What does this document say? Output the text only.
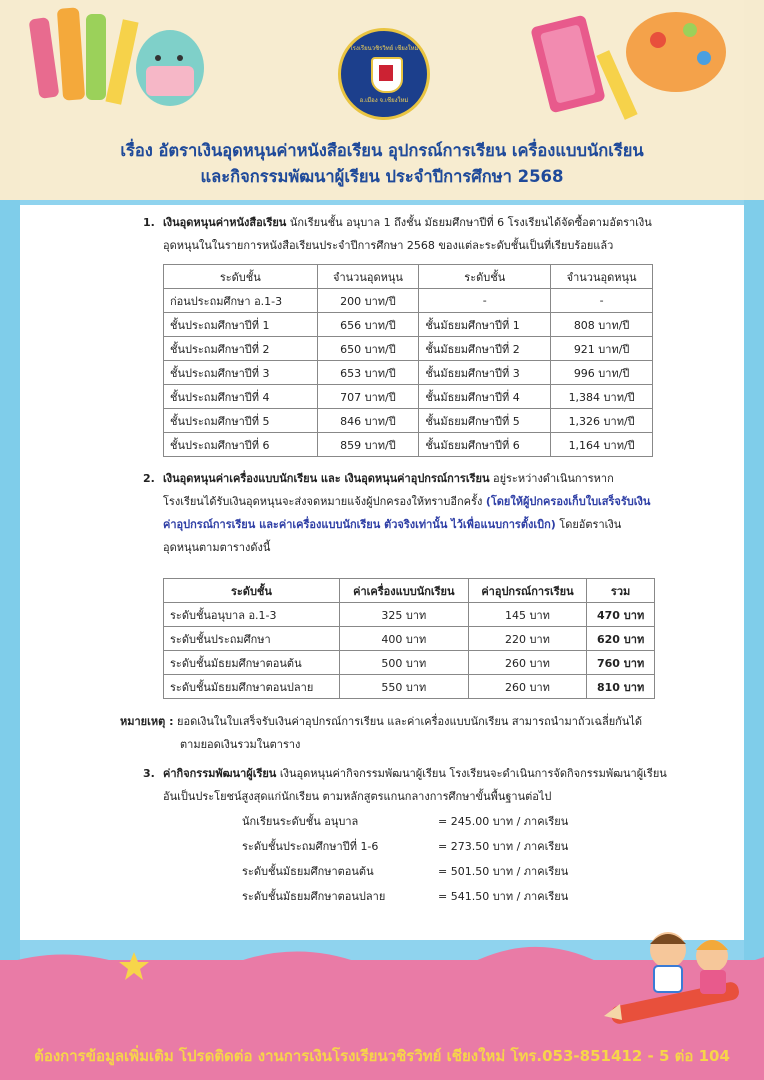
โรงเรียนวชิรวิทย์ เชียงใหม่
อ.เมือง จ.เชียงใหม่
เรื่อง อัตราเงินอุดหนุนค่าหนังสือเรียน อุปกรณ์การเรียน เครื่องแบบนักเรียน
และกิจกรรมพัฒนาผู้เรียน ประจำปีการศึกษา 2568
1. เงินอุดหนุนค่าหนังสือเรียน นักเรียนชั้น อนุบาล 1 ถึงชั้น มัธยมศึกษาปีที่ 6 โรงเรียนได้จัดซื้อตามอัตราเงิน
อุดหนุนในในรายการหนังสือเรียนประจำปีการศึกษา 2568 ของแต่ละระดับชั้นเป็นที่เรียบร้อยแล้ว
ระดับชั้น	จำนวนอุดหนุน	ระดับชั้น	จำนวนอุดหนุน
ก่อนประถมศึกษา อ.1-3	200 บาท/ปี	-	-
ชั้นประถมศึกษาปีที่ 1	656 บาท/ปี	ชั้นมัธยมศึกษาปีที่ 1	808 บาท/ปี
ชั้นประถมศึกษาปีที่ 2	650 บาท/ปี	ชั้นมัธยมศึกษาปีที่ 2	921 บาท/ปี
ชั้นประถมศึกษาปีที่ 3	653 บาท/ปี	ชั้นมัธยมศึกษาปีที่ 3	996 บาท/ปี
ชั้นประถมศึกษาปีที่ 4	707 บาท/ปี	ชั้นมัธยมศึกษาปีที่ 4	1,384 บาท/ปี
ชั้นประถมศึกษาปีที่ 5	846 บาท/ปี	ชั้นมัธยมศึกษาปีที่ 5	1,326 บาท/ปี
ชั้นประถมศึกษาปีที่ 6	859 บาท/ปี	ชั้นมัธยมศึกษาปีที่ 6	1,164 บาท/ปี
2. เงินอุดหนุนค่าเครื่องแบบนักเรียน และ เงินอุดหนุนค่าอุปกรณ์การเรียน อยู่ระหว่างดำเนินการหาก
โรงเรียนได้รับเงินอุดหนุนจะส่งจดหมายแจ้งผู้ปกครองให้ทราบอีกครั้ง (โดยให้ผู้ปกครองเก็บใบเสร็จรับเงิน
ค่าอุปกรณ์การเรียน และค่าเครื่องแบบนักเรียน ตัวจริงเท่านั้น ไว้เพื่อแนบการตั้งเบิก) โดยอัตราเงิน
อุดหนุนตามตารางดังนี้
ระดับชั้น	ค่าเครื่องแบบนักเรียน	ค่าอุปกรณ์การเรียน	รวม
ระดับชั้นอนุบาล อ.1-3	325 บาท	145 บาท	470 บาท
ระดับชั้นประถมศึกษา	400 บาท	220 บาท	620 บาท
ระดับชั้นมัธยมศึกษาตอนต้น	500 บาท	260 บาท	760 บาท
ระดับชั้นมัธยมศึกษาตอนปลาย	550 บาท	260 บาท	810 บาท
หมายเหตุ : ยอดเงินในใบเสร็จรับเงินค่าอุปกรณ์การเรียน และค่าเครื่องแบบนักเรียน สามารถนำมาถัวเฉลี่ยกันได้
ตามยอดเงินรวมในตาราง
3. ค่ากิจกรรมพัฒนาผู้เรียน เงินอุดหนุนค่ากิจกรรมพัฒนาผู้เรียน โรงเรียนจะดำเนินการจัดกิจกรรมพัฒนาผู้เรียน
อันเป็นประโยชน์สูงสุดแก่นักเรียน ตามหลักสูตรแกนกลางการศึกษาขั้นพื้นฐานต่อไป
นักเรียนระดับชั้น อนุบาล	= 245.00 บาท / ภาคเรียน
ระดับชั้นประถมศึกษาปีที่ 1-6	= 273.50 บาท / ภาคเรียน
ระดับชั้นมัธยมศึกษาตอนต้น	= 501.50 บาท / ภาคเรียน
ระดับชั้นมัธยมศึกษาตอนปลาย	= 541.50 บาท / ภาคเรียน
ต้องการข้อมูลเพิ่มเติม โปรดติดต่อ งานการเงินโรงเรียนวชิรวิทย์ เชียงใหม่ โทร.053-851412 - 5 ต่อ 104
